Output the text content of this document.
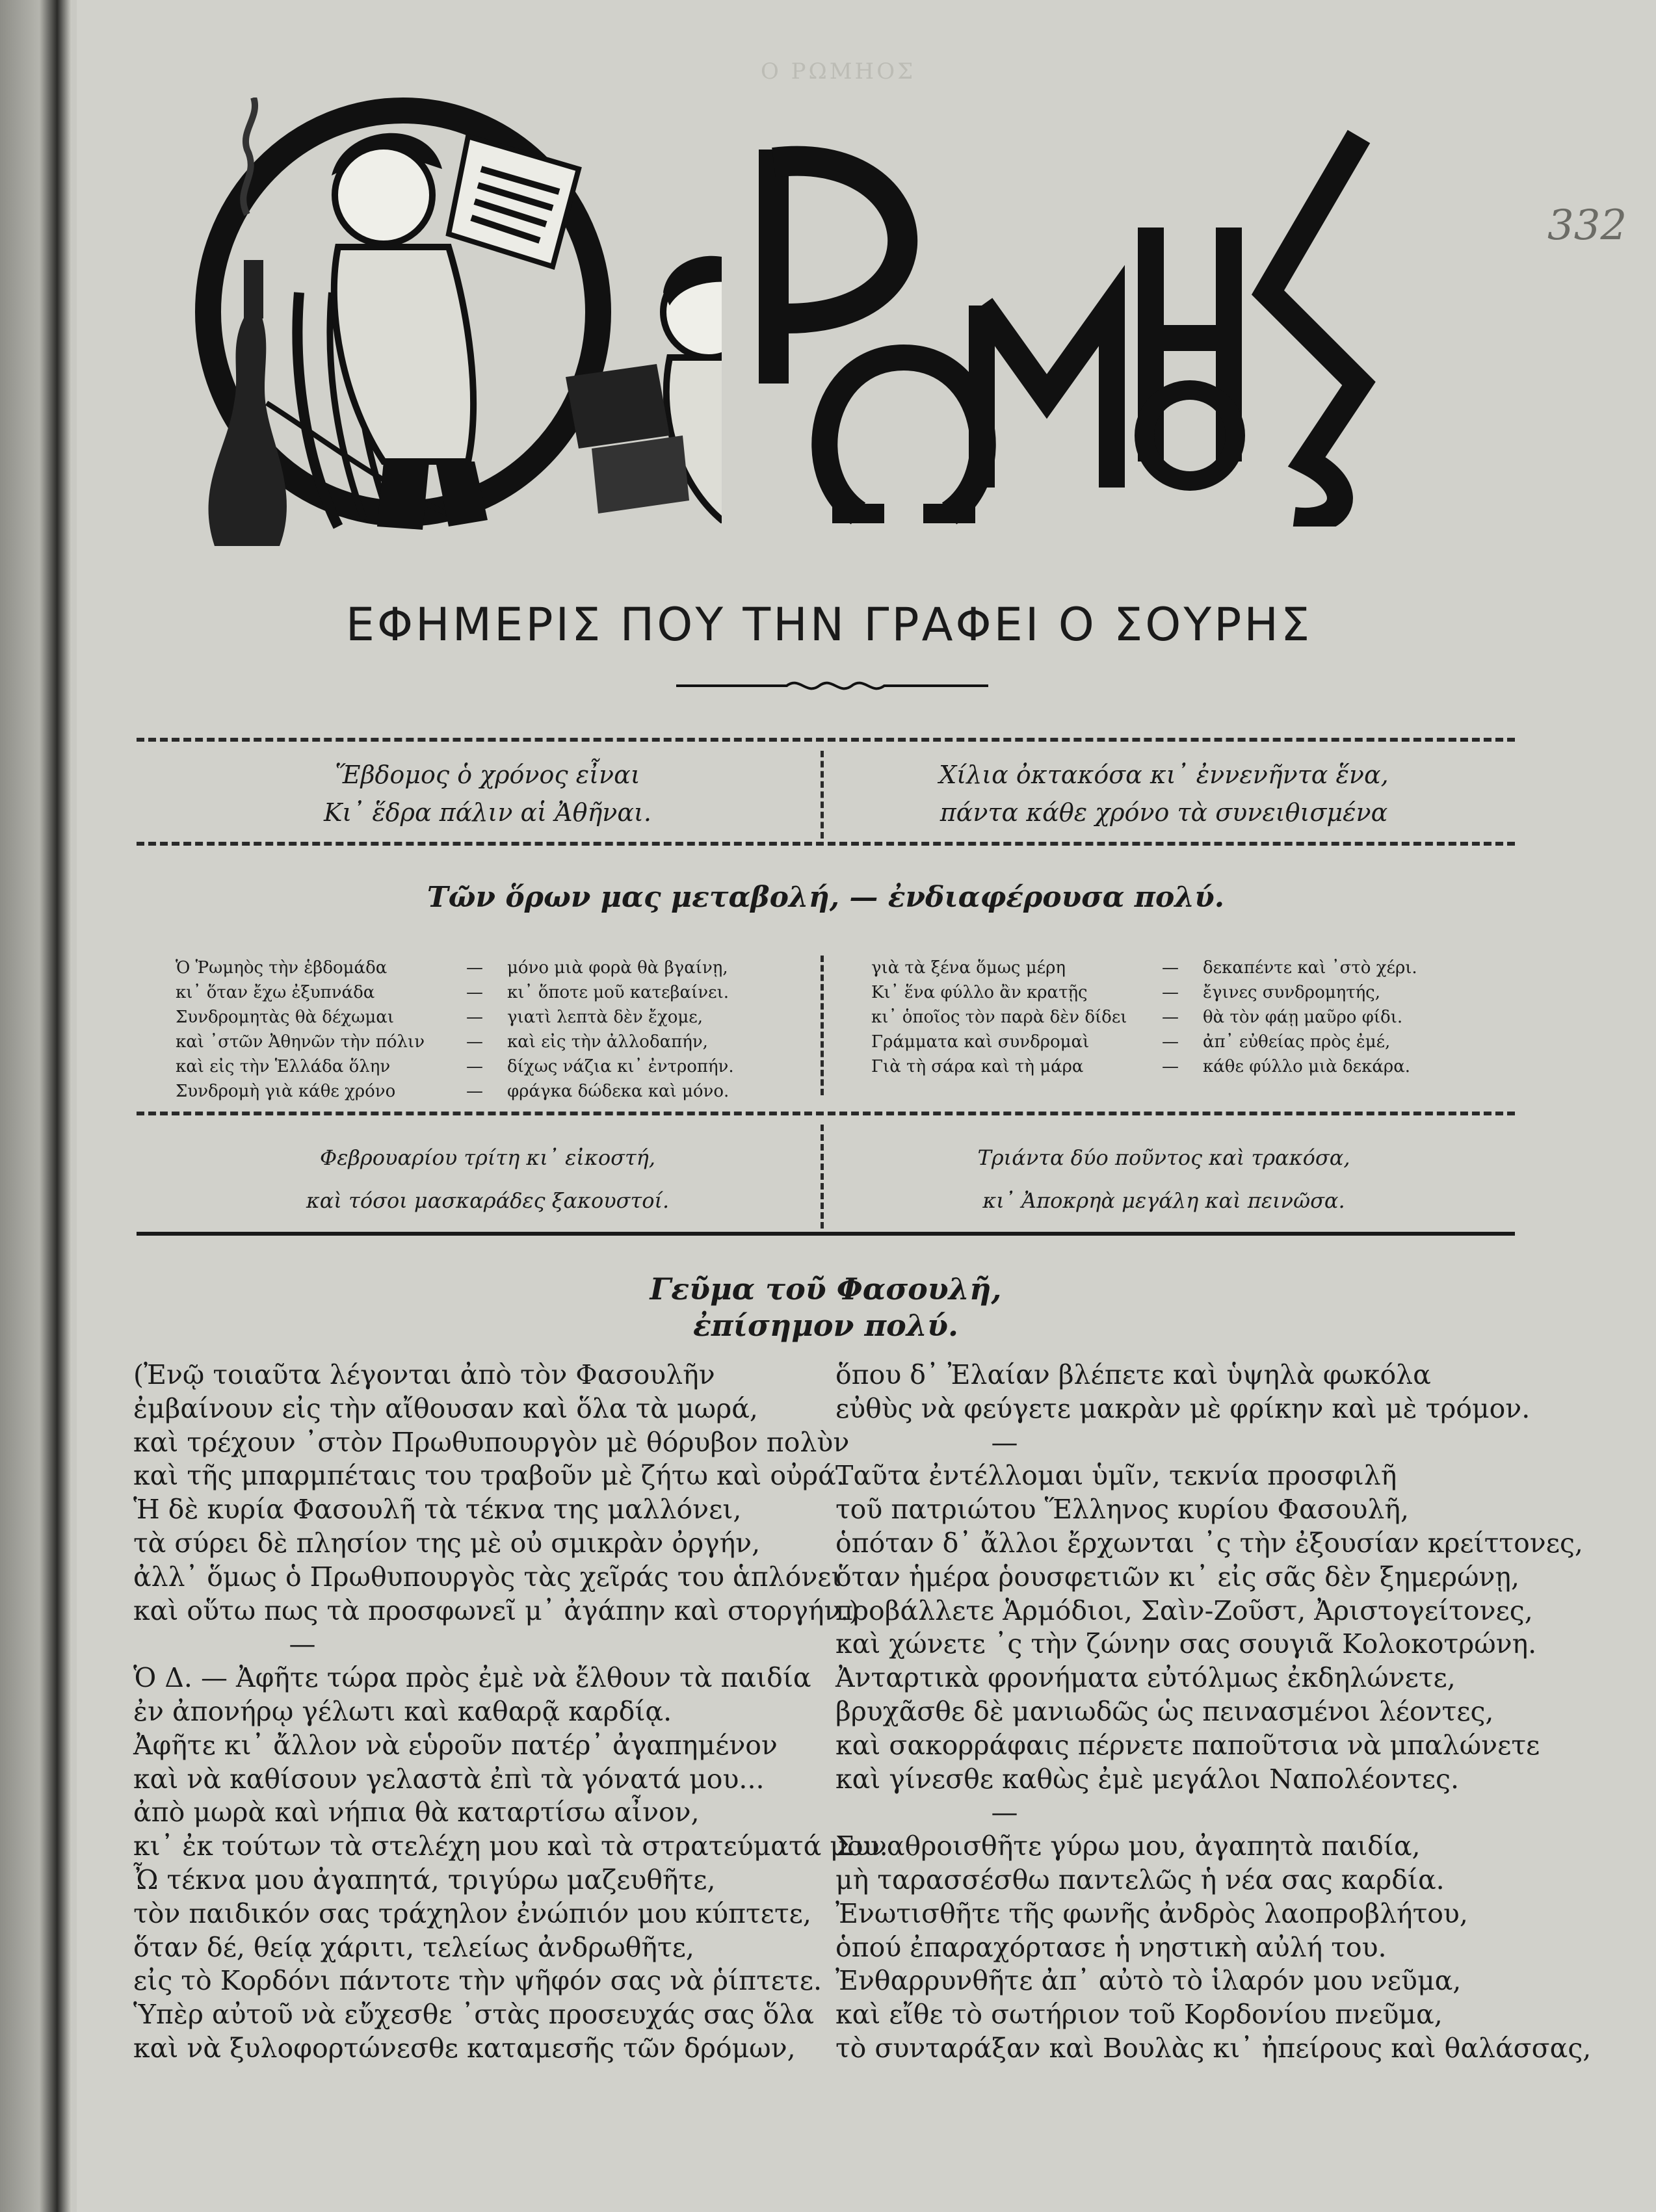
Ο ΡΩΜΗΟΣ
332
ΕΦΗΜΕΡΙΣ ΠΟΥ ΤΗΝ ΓΡΑΦΕΙ Ο ΣΟΥΡΗΣ
Ἕβδομος ὁ χρόνος εἶναι
Κι᾽ ἕδρα πάλιν αἱ Ἀθῆναι.
Χίλια ὀκτακόσα κι᾽ ἐννενῆντα ἕνα,
πάντα κάθε χρόνο τὰ συνειθισμένα
Τῶν ὅρων μας μεταβολή, — ἐνδιαφέρουσα πολύ.
Ὁ Ῥωμηὸς τὴν ἑβδομάδα	—	μόνο μιὰ φορὰ θὰ βγαίνῃ,
κι᾽ ὅταν ἔχω ἐξυπνάδα	—	κι᾽ ὅποτε μοῦ κατεβαίνει.
Συνδρομητὰς θὰ δέχωμαι	—	γιατὶ λεπτὰ δὲν ἔχομε,
καὶ ᾽στῶν Ἀθηνῶν τὴν πόλιν	—	καὶ εἰς τὴν ἀλλοδαπήν,
καὶ εἰς τὴν Ἑλλάδα ὅλην	—	δίχως νάζια κι᾽ ἐντροπήν.
Συνδρομὴ γιὰ κάθε χρόνο	—	φράγκα δώδεκα καὶ μόνο.
γιὰ τὰ ξένα ὅμως μέρη	—	δεκαπέντε καὶ ᾽στὸ χέρι.
Κι᾽ ἕνα φύλλο ἂν κρατῇς	—	ἔγινες συνδρομητής,
κι᾽ ὁποῖος τὸν παρὰ δὲν δίδει	—	θὰ τὸν φάῃ μαῦρο φίδι.
Γράμματα καὶ συνδρομαὶ	—	ἀπ᾽ εὐθείας πρὸς ἐμέ,
Γιὰ τὴ σάρα καὶ τὴ μάρα	—	κάθε φύλλο μιὰ δεκάρα.
Φεβρουαρίου τρίτη κι᾽ εἰκοστή,
καὶ τόσοι μασκαράδες ξακουστοί.
Τριάντα δύο ποῦντος καὶ τρακόσα,
κι᾽ Ἀποκρηὰ μεγάλη καὶ πεινῶσα.
Γεῦμα τοῦ Φασουλῆ,
ἐπίσημον πολύ.
(Ἐνῷ τοιαῦτα λέγονται ἀπὸ τὸν Φασουλῆν
ἐμβαίνουν εἰς τὴν αἴθουσαν καὶ ὅλα τὰ μωρά,
καὶ τρέχουν ᾽στὸν Πρωθυπουργὸν μὲ θόρυβον πολὺν
καὶ τῆς μπαρμπέταις του τραβοῦν μὲ ζήτω καὶ οὐρά.
Ἡ δὲ κυρία Φασουλῆ τὰ τέκνα της μαλλόνει,
τὰ σύρει δὲ πλησίον της μὲ οὐ σμικρὰν ὀργήν,
ἀλλ᾽ ὅμως ὁ Πρωθυπουργὸς τὰς χεῖράς του ἁπλόνει
καὶ οὕτω πως τὰ προσφωνεῖ μ᾽ ἀγάπην καὶ στοργήν.)
—
Ὁ Δ. — Ἀφῆτε τώρα πρὸς ἐμὲ νὰ ἔλθουν τὰ παιδία
ἐν ἀπονήρῳ γέλωτι καὶ καθαρᾷ καρδίᾳ.
Ἀφῆτε κι᾽ ἄλλον νὰ εὑροῦν πατέρ᾽ ἀγαπημένον
καὶ νὰ καθίσουν γελαστὰ ἐπὶ τὰ γόνατά μου...
ἀπὸ μωρὰ καὶ νήπια θὰ καταρτίσω αἶνον,
κι᾽ ἐκ τούτων τὰ στελέχη μου καὶ τὰ στρατεύματά μου.
Ὦ τέκνα μου ἀγαπητά, τριγύρω μαζευθῆτε,
τὸν παιδικόν σας τράχηλον ἐνώπιόν μου κύπτετε,
ὅταν δέ, θείᾳ χάριτι, τελείως ἀνδρωθῆτε,
εἰς τὸ Κορδόνι πάντοτε τὴν ψῆφόν σας νὰ ῥίπτετε.
Ὑπὲρ αὐτοῦ νὰ εὔχεσθε ᾽στὰς προσευχάς σας ὅλα
καὶ νὰ ξυλοφορτώνεσθε καταμεσῆς τῶν δρόμων,
ὅπου δ᾽ Ἐλαίαν βλέπετε καὶ ὑψηλὰ φωκόλα
εὐθὺς νὰ φεύγετε μακρὰν μὲ φρίκην καὶ μὲ τρόμον.
—
Ταῦτα ἐντέλλομαι ὑμῖν, τεκνία προσφιλῆ
τοῦ πατριώτου Ἕλληνος κυρίου Φασουλῆ,
ὁπόταν δ᾽ ἄλλοι ἔρχωνται ᾽ς τὴν ἐξουσίαν κρείττονες,
ὅταν ἡμέρα ῥουσφετιῶν κι᾽ εἰς σᾶς δὲν ξημερώνῃ,
προβάλλετε Ἁρμόδιοι, Σαὶν-Ζοῦστ, Ἀριστογείτονες,
καὶ χώνετε ᾽ς τὴν ζώνην σας σουγιᾶ Κολοκοτρώνη.
Ἀνταρτικὰ φρονήματα εὐτόλμως ἐκδηλώνετε,
βρυχᾶσθε δὲ μανιωδῶς ὡς πεινασμένοι λέοντες,
καὶ σακορράφαις πέρνετε παποῦτσια νὰ μπαλώνετε
καὶ γίνεσθε καθὼς ἐμὲ μεγάλοι Ναπολέοντες.
—
Συναθροισθῆτε γύρω μου, ἀγαπητὰ παιδία,
μὴ ταρασσέσθω παντελῶς ἡ νέα σας καρδία.
Ἐνωτισθῆτε τῆς φωνῆς ἀνδρὸς λαοπροβλήτου,
ὁπού ἐπαραχόρτασε ἡ νηστικὴ αὐλή του.
Ἐνθαρρυνθῆτε ἀπ᾽ αὐτὸ τὸ ἱλαρόν μου νεῦμα,
καὶ εἴθε τὸ σωτήριον τοῦ Κορδονίου πνεῦμα,
τὸ συνταράξαν καὶ Βουλὰς κι᾽ ἠπείρους καὶ θαλάσσας,
